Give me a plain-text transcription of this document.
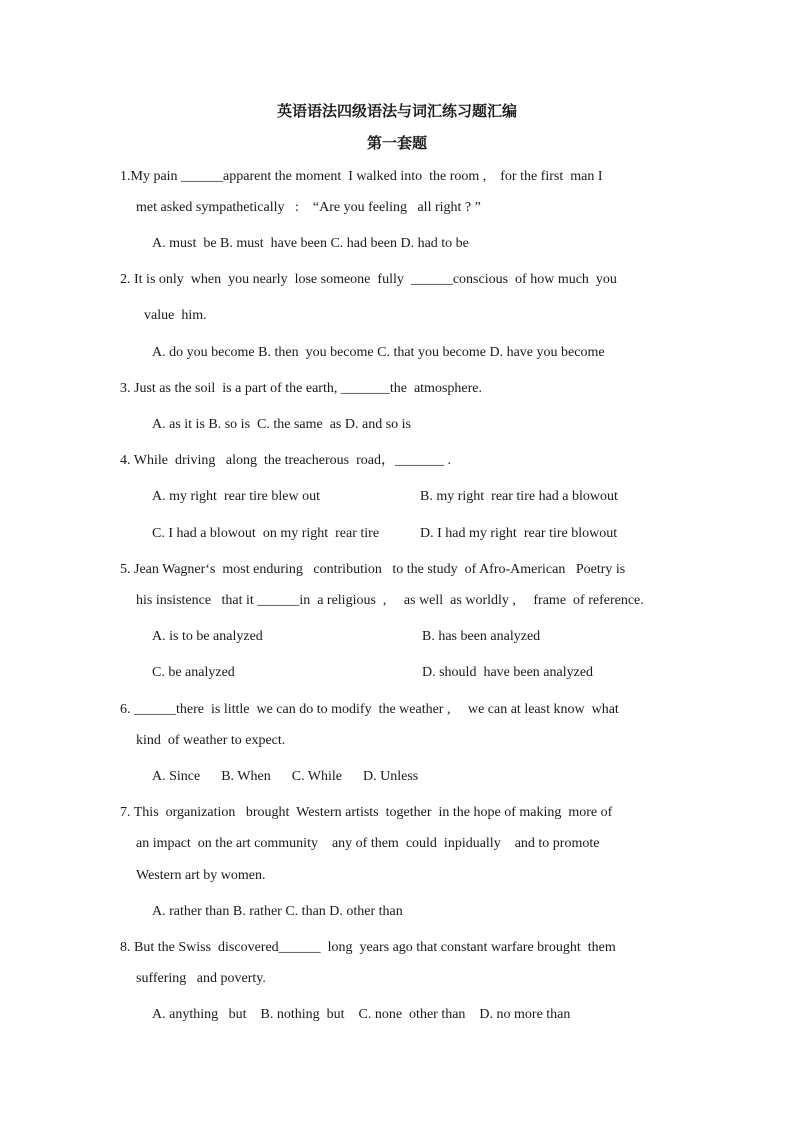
英语语法四级语法与词汇练习题汇编
第一套题
1.My pain ______apparent the moment  I walked into  the room ,    for the first  man I
met asked sympathetically   :    “Are you feeling   all right ? ”
A. must  be B. must  have been C. had been D. had to be
2. It is only  when  you nearly  lose someone  fully  ______conscious  of how much  you
value  him.
A. do you become B. then  you become C. that you become D. have you become
3. Just as the soil  is a part of the earth, _______the  atmosphere.
A. as it is B. so is  C. the same  as D. and so is
4. While  driving   along  the treacherous  road，_______ .
A. my right  rear tire blew out	B. my right  rear tire had a blowout
C. I had a blowout  on my right  rear tire	D. I had my right  rear tire blowout
5. Jean Wagner‘s  most enduring   contribution   to the study  of Afro-American   Poetry is
his insistence   that it ______in  a religious  ,     as well  as worldly ,     frame  of reference.
A. is to be analyzed	B. has been analyzed
C. be analyzed	D. should  have been analyzed
6. ______there  is little  we can do to modify  the weather ,     we can at least know  what
kind  of weather to expect.
A. Since      B. When      C. While      D. Unless
7. This  organization   brought  Western artists  together  in the hope of making  more of
an impact  on the art community    any of them  could  inpidually    and to promote
Western art by women.
A. rather than B. rather C. than D. other than
8. But the Swiss  discovered______  long  years ago that constant warfare brought  them
suffering   and poverty.
A. anything   but    B. nothing  but    C. none  other than    D. no more than
